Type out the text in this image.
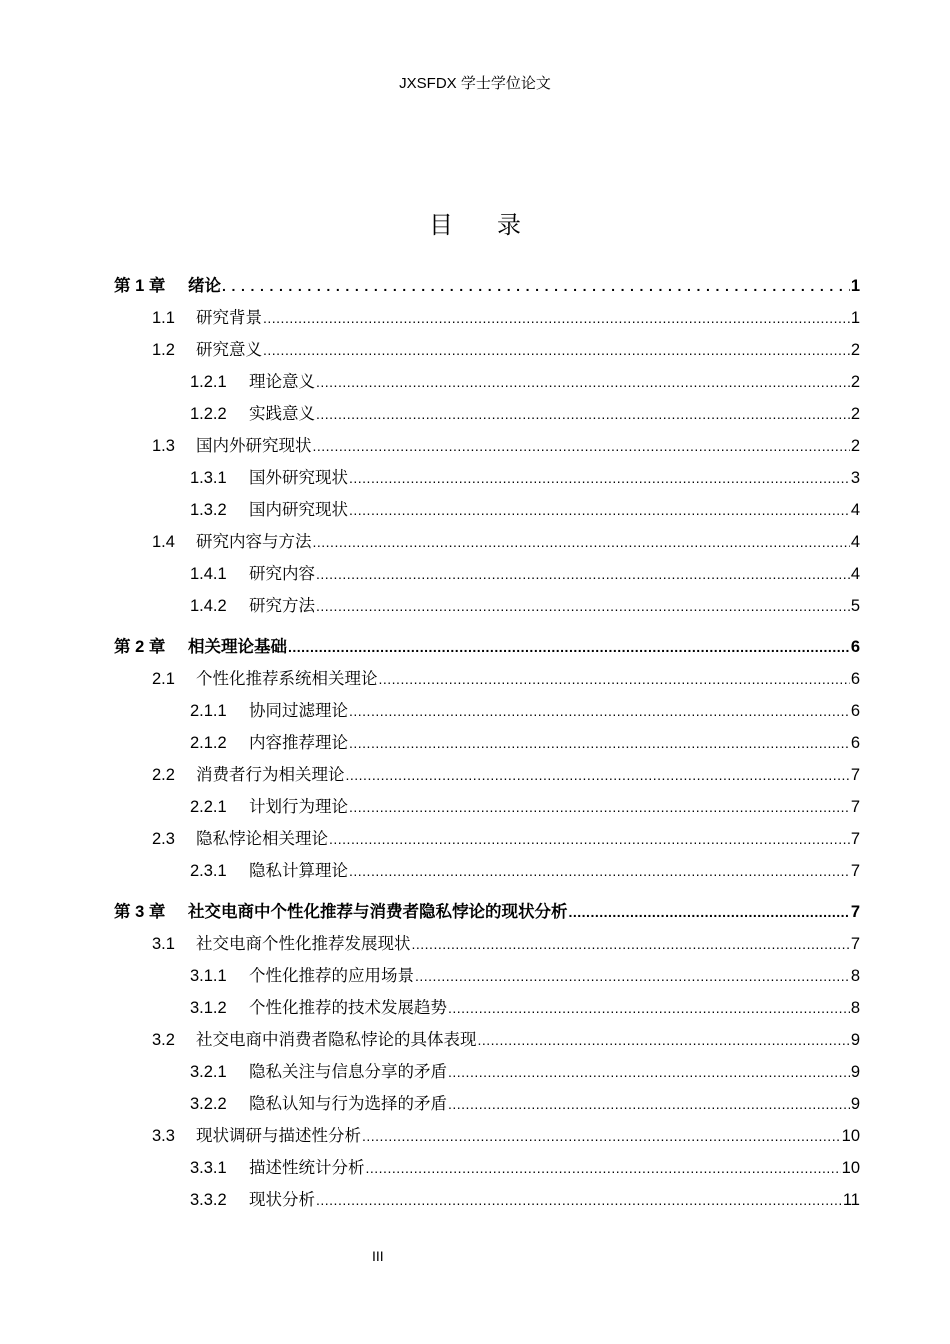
JXSFDX 学士学位论文
目录
第 1 章	绪论 .....	1
1.1	研究背景 .....	1
1.2	研究意义 .....	2
1.2.1	理论意义 .....	2
1.2.2	实践意义 .....	2
1.3	国内外研究现状 .....	2
1.3.1	国外研究现状 .....	3
1.3.2	国内研究现状 .....	4
1.4	研究内容与方法 .....	4
1.4.1	研究内容 .....	4
1.4.2	研究方法 .....	5
第 2 章	相关理论基础 .....	6
2.1	个性化推荐系统相关理论 .....	6
2.1.1	协同过滤理论 .....	6
2.1.2	内容推荐理论 .....	6
2.2	消费者行为相关理论 .....	7
2.2.1	计划行为理论 .....	7
2.3	隐私悖论相关理论 .....	7
2.3.1	隐私计算理论 .....	7
第 3 章	社交电商中个性化推荐与消费者隐私悖论的现状分析 .....	7
3.1	社交电商个性化推荐发展现状 .....	7
3.1.1	个性化推荐的应用场景 .....	8
3.1.2	个性化推荐的技术发展趋势 .....	8
3.2	社交电商中消费者隐私悖论的具体表现 .....	9
3.2.1	隐私关注与信息分享的矛盾 .....	9
3.2.2	隐私认知与行为选择的矛盾 .....	9
3.3	现状调研与描述性分析 .....	10
3.3.1	描述性统计分析 .....	10
3.3.2	现状分析 .....	11
III
